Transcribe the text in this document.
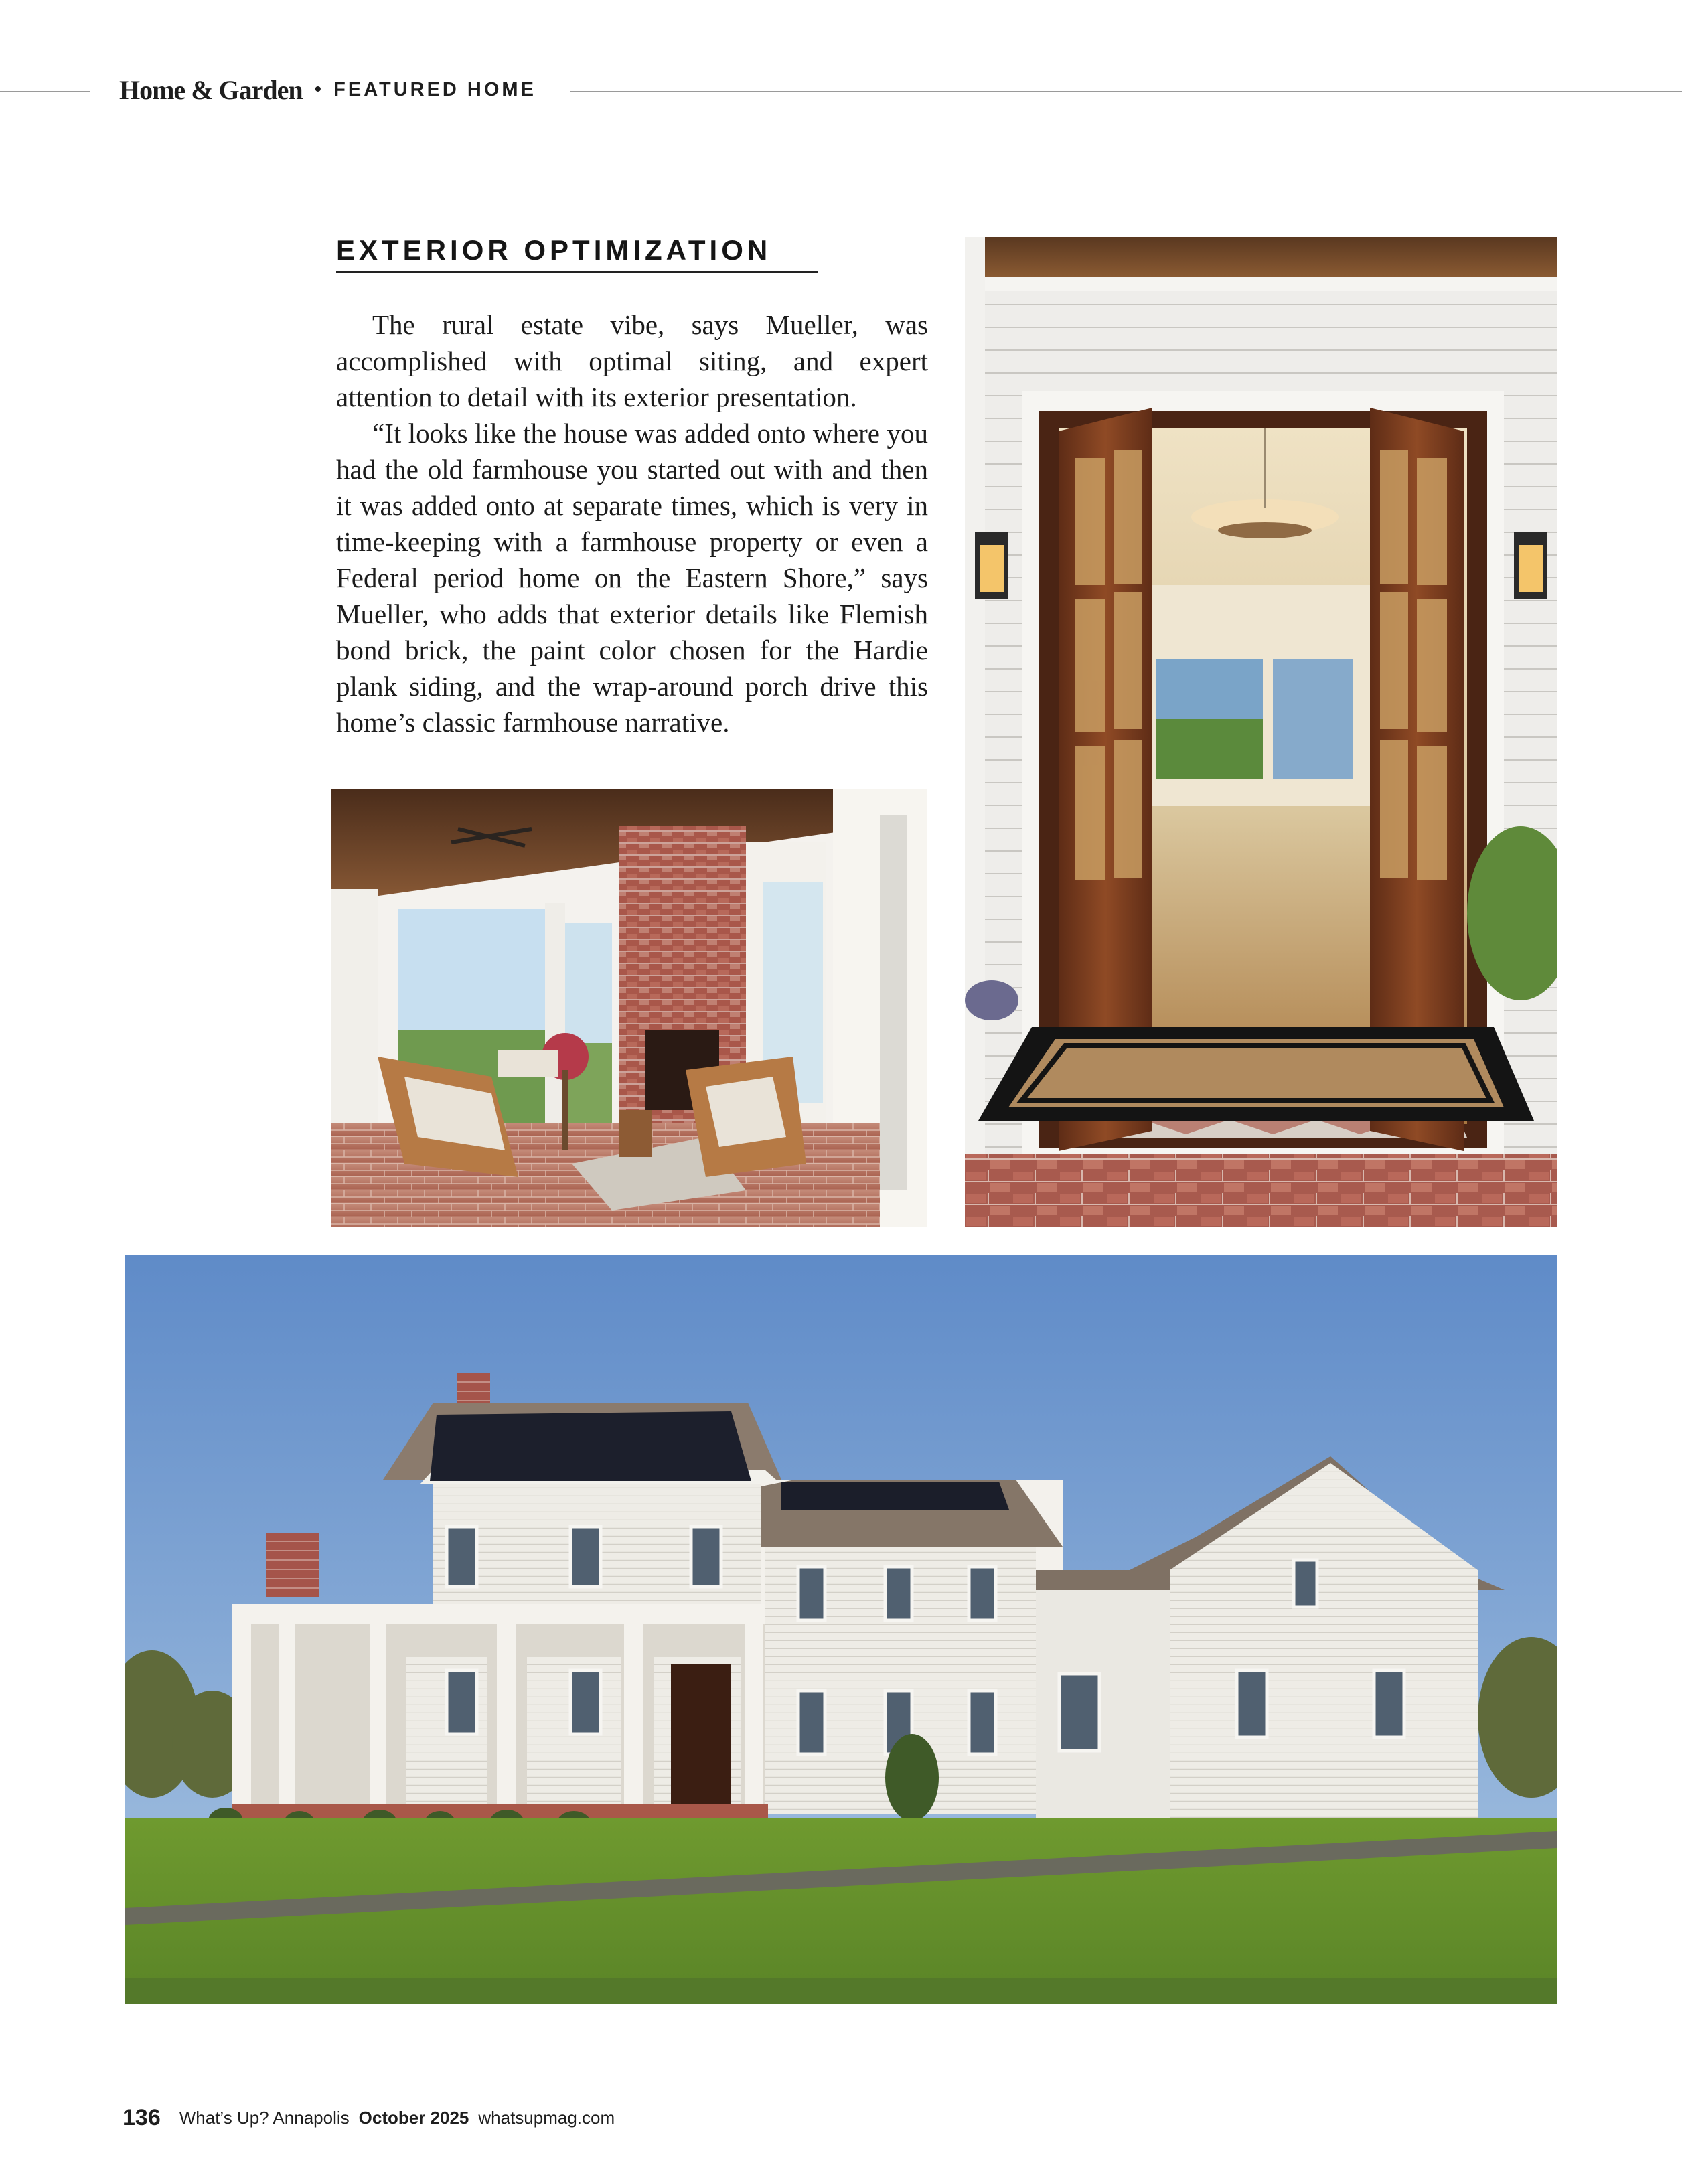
Home & Garden • FEATURED HOME
EXTERIOR OPTIMIZATION

The rural estate vibe, says Mueller, was accomplished with optimal siting, and expert attention to detail with its exterior presentation.

“It looks like the house was added onto where you had the old farmhouse you started out with and then it was added onto at separate times, which is very in time-keeping with a farmhouse property or even a Federal period home on the Eastern Shore,” says Mueller, who adds that exterior details like Flemish bond brick, the paint color chosen for the Hardie plank siding, and the wrap-around porch drive this home’s classic farmhouse narrative.

136 What’s Up? Annapolis October 2025 whatsupmag.com
